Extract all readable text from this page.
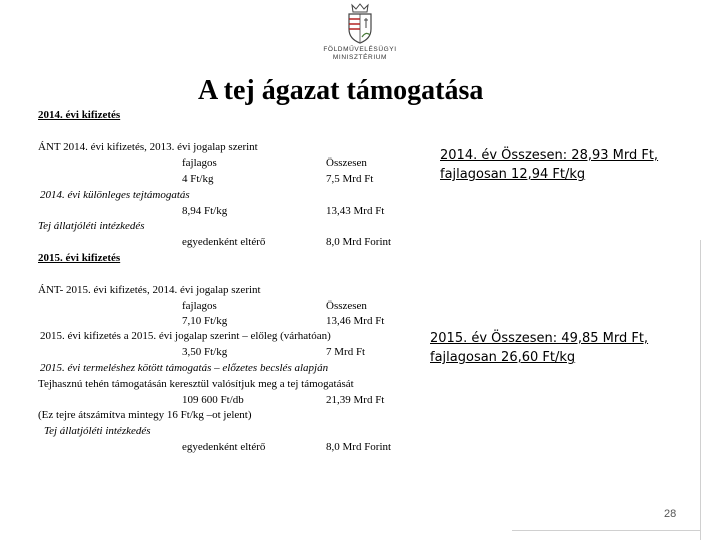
FÖLDMŰVELÉSÜGYI
MINISZTÉRIUM
A tej ágazat támogatása
2014. évi kifizetés
ÁNT 2014. évi kifizetés, 2013. évi jogalap szerint
fajlagos	Összesen
4 Ft/kg	7,5 Mrd Ft
2014. évi különleges tejtámogatás
8,94 Ft/kg	13,43 Mrd Ft
Tej állatjóléti intézkedés
egyedenként eltérő	8,0 Mrd Forint
2014. év Összesen: 28,93 Mrd Ft, fajlagosan 12,94 Ft/kg
2015. évi kifizetés
ÁNT- 2015. évi kifizetés, 2014. évi jogalap szerint
fajlagos	Összesen
7,10 Ft/kg	13,46 Mrd Ft
2015. évi kifizetés a 2015. évi jogalap szerint – előleg (várhatóan)
3,50 Ft/kg	7 Mrd Ft
2015. évi termeléshez kötött támogatás – előzetes becslés alapján
Tejhasznú tehén támogatásán keresztül valósítjuk meg a tej támogatását
109 600 Ft/db	21,39 Mrd Ft
(Ez tejre átszámítva mintegy 16 Ft/kg –ot jelent)
Tej állatjóléti intézkedés
egyedenként eltérő	8,0 Mrd Forint
2015. év Összesen: 49,85 Mrd Ft, fajlagosan 26,60 Ft/kg
28
